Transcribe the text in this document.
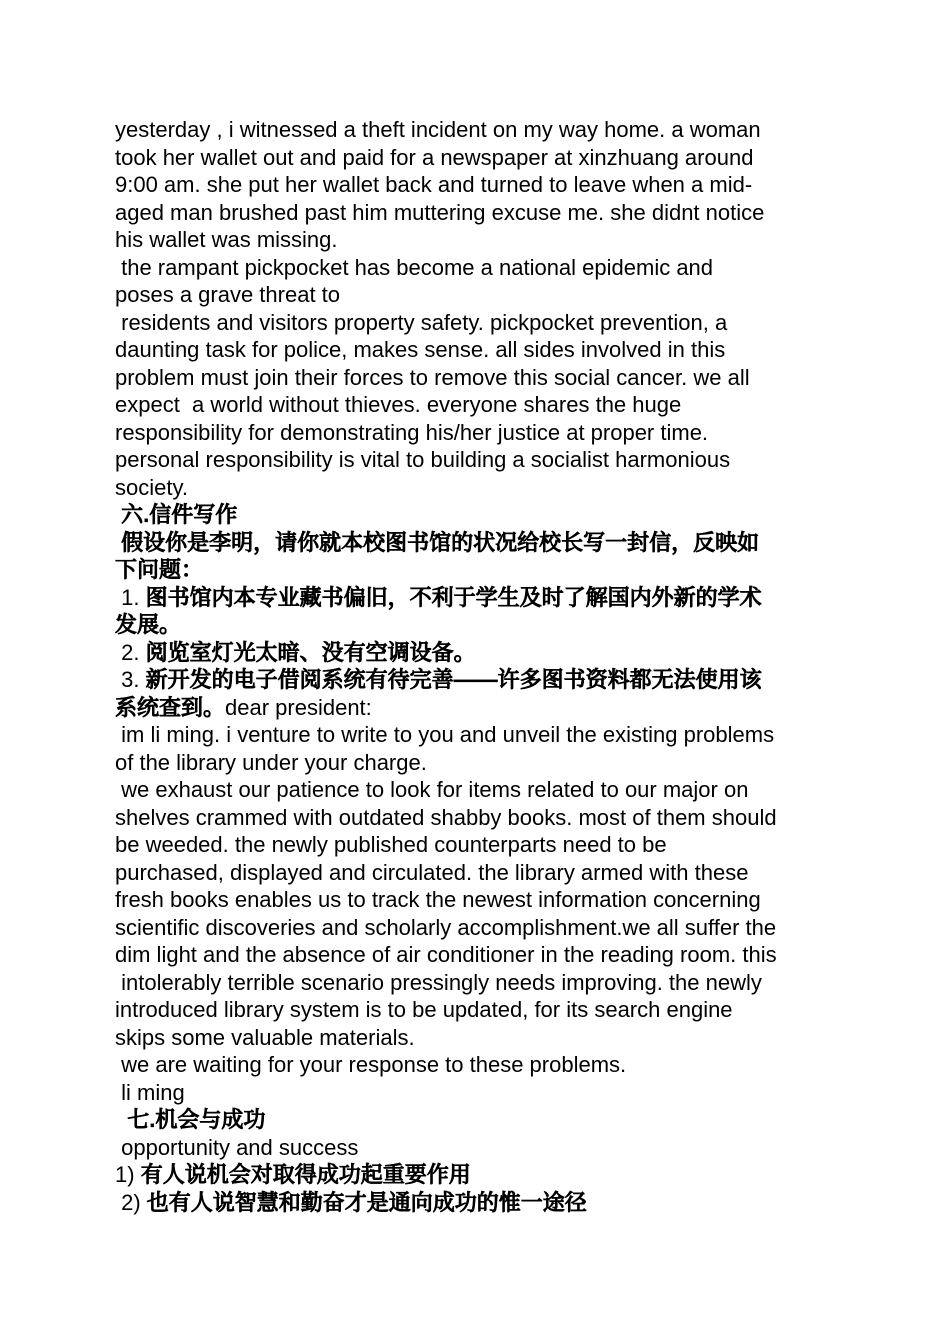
yesterday , i witnessed a theft incident on my way home. a woman
took her wallet out and paid for a newspaper at xinzhuang around
9:00 am. she put her wallet back and turned to leave when a mid-
aged man brushed past him muttering excuse me. she didnt notice
his wallet was missing.
the rampant pickpocket has become a national epidemic and
poses a grave threat to
residents and visitors property safety. pickpocket prevention, a
daunting task for police, makes sense. all sides involved in this
problem must join their forces to remove this social cancer. we all
expect  a world without thieves. everyone shares the huge
responsibility for demonstrating his/her justice at proper time.
personal responsibility is vital to building a socialist harmonious
society.
六.信件写作
假设你是李明，请你就本校图书馆的状况给校长写一封信，反映如
下问题：
1. 图书馆内本专业藏书偏旧，不利于学生及时了解国内外新的学术
发展。
2. 阅览室灯光太暗、没有空调设备。
3. 新开发的电子借阅系统有待完善——许多图书资料都无法使用该
系统查到。dear president:
im li ming. i venture to write to you and unveil the existing problems
of the library under your charge.
we exhaust our patience to look for items related to our major on
shelves crammed with outdated shabby books. most of them should
be weeded. the newly published counterparts need to be
purchased, displayed and circulated. the library armed with these
fresh books enables us to track the newest information concerning
scientific discoveries and scholarly accomplishment.we all suffer the
dim light and the absence of air conditioner in the reading room. this
intolerably terrible scenario pressingly needs improving. the newly
introduced library system is to be updated, for its search engine
skips some valuable materials.
we are waiting for your response to these problems.
li ming
七.机会与成功
opportunity and success
1) 有人说机会对取得成功起重要作用
2) 也有人说智慧和勤奋才是通向成功的惟一途径
